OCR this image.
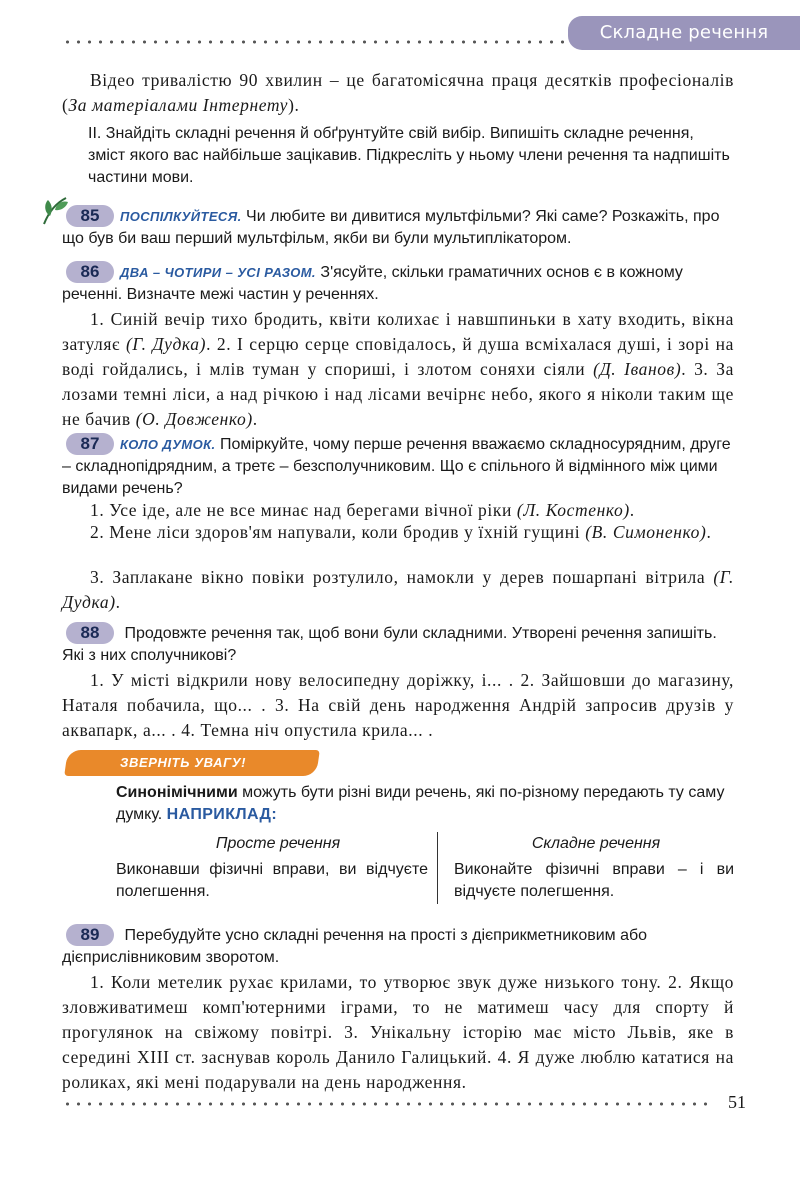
Складне речення
Відео тривалістю 90 хвилин – це багатомісячна праця десятків професіоналів (За матеріалами Інтернету).
ІІ. Знайдіть складні речення й обґрунтуйте свій вибір. Випишіть складне речення, зміст якого вас найбільше зацікавив. Підкресліть у ньому члени речення та надпишіть частини мови.
85 ПОСПІЛКУЙТЕСЯ. Чи любите ви дивитися мультфільми? Які саме? Розкажіть, про що був би ваш перший мультфільм, якби ви були мультиплікатором.
86 ДВА – ЧОТИРИ – УСІ РАЗОМ. З'ясуйте, скільки граматичних основ є в кожному реченні. Визначте межі частин у реченнях.
1. Синій вечір тихо бродить, квіти колихає і навшпиньки в хату входить, вікна затуляє (Г. Дудка). 2. І серцю серце сповідалось, й душа всміхалася душі, і зорі на воді гойдались, і млів туман у спориші, і злотом соняхи сіяли (Д. Іванов). 3. За лозами темні ліси, а над річкою і над лісами вечірнє небо, якого я ніколи таким ще не бачив (О. Довженко).
87 КОЛО ДУМОК. Поміркуйте, чому перше речення вважаємо складносурядним, друге – складнопідрядним, а третє – безсполучниковим. Що є спільного й відмінного між цими видами речень?
1. Усе іде, але не все минає над берегами вічної ріки (Л. Костенко).
2. Мене ліси здоров'ям напували, коли бродив у їхній гущині (В. Симоненко).
3. Заплакане вікно повіки розтулило, намокли у дерев пошарпані вітрила (Г. Дудка).
88 Продовжте речення так, щоб вони були складними. Утворені речення запишіть. Які з них сполучникові?
1. У місті відкрили нову велосипедну доріжку, і... . 2. Зайшовши до магазину, Наталя побачила, що... . 3. На свій день народження Андрій запросив друзів у аквапарк, а... . 4. Темна ніч опустила крила... .
ЗВЕРНІТЬ УВАГУ!
Синонімічними можуть бути різні види речень, які по-різному передають ту саму думку. НАПРИКЛАД:
Просте речення	Складне речення
Виконавши фізичні вправи, ви відчуєте полегшення.
Виконайте фізичні вправи – і ви відчуєте полегшення.
89 Перебудуйте усно складні речення на прості з дієприкметниковим або дієприслівниковим зворотом.
1. Коли метелик рухає крилами, то утворює звук дуже низького тону. 2. Якщо зловживатимеш комп'ютерними іграми, то не матимеш часу для спорту й прогулянок на свіжому повітрі. 3. Унікальну історію має місто Львів, яке в середині XIII ст. заснував король Данило Галицький. 4. Я дуже люблю кататися на роликах, які мені подарували на день народження.
51
